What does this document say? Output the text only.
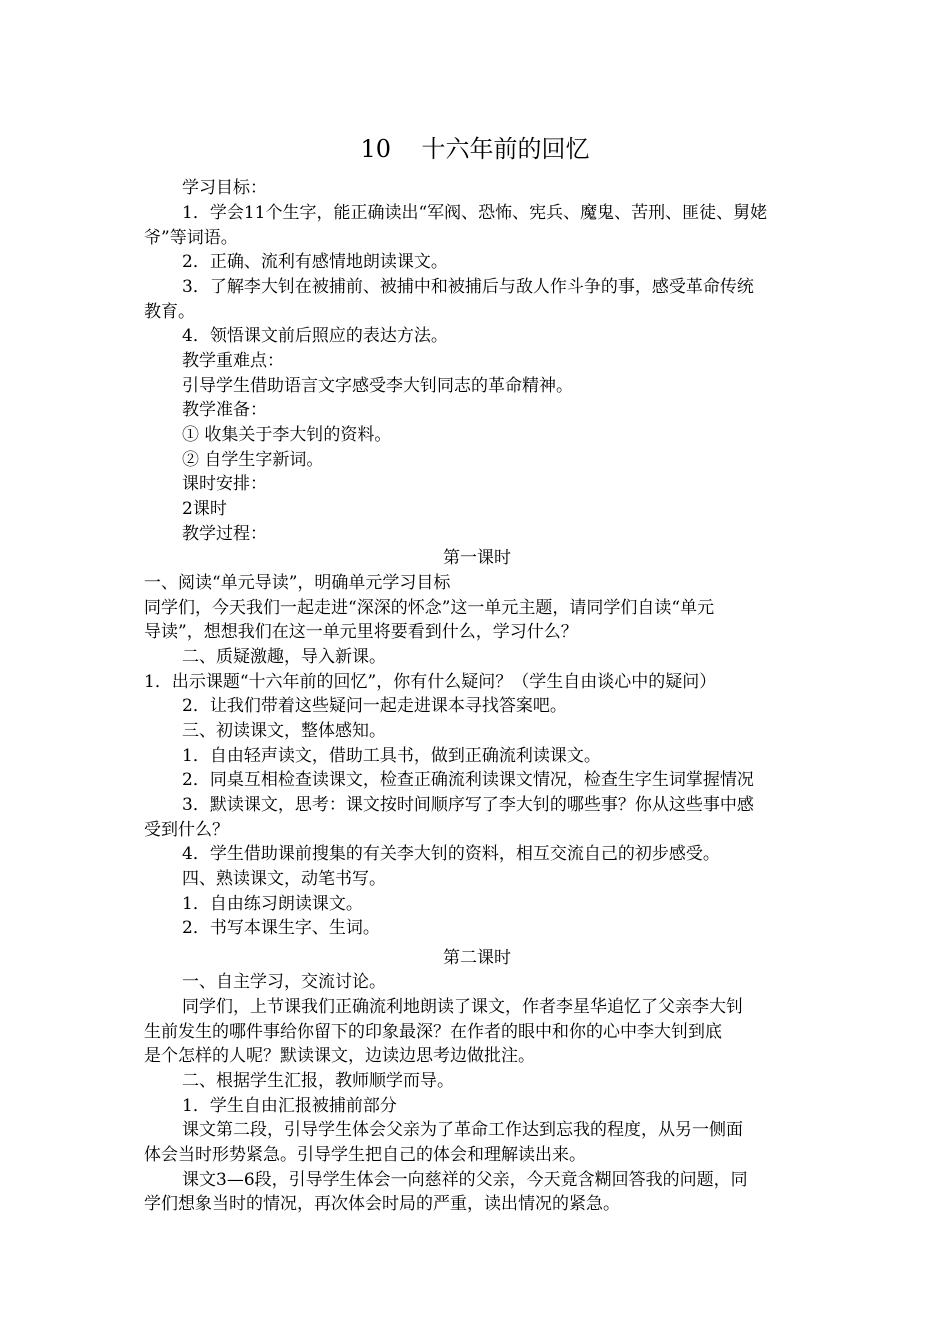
10    十六年前的回忆
学习目标：
1．学会11个生字，能正确读出“军阀、恐怖、宪兵、魔鬼、苦刑、匪徒、舅姥
爷”等词语。
2．正确、流利有感情地朗读课文。
3．了解李大钊在被捕前、被捕中和被捕后与敌人作斗争的事，感受革命传统
教育。
4．领悟课文前后照应的表达方法。
教学重难点：
引导学生借助语言文字感受李大钊同志的革命精神。
教学准备：
① 收集关于李大钊的资料。
② 自学生字新词。
课时安排：
2课时
教学过程：
第一课时
一、阅读“单元导读”，明确单元学习目标
同学们，今天我们一起走进“深深的怀念”这一单元主题，请同学们自读“单元
导读”，想想我们在这一单元里将要看到什么，学习什么？
二、质疑激趣，导入新课。
1．出示课题“十六年前的回忆”，你有什么疑问？（学生自由谈心中的疑问）
2．让我们带着这些疑问一起走进课本寻找答案吧。
三、初读课文，整体感知。
1．自由轻声读文，借助工具书，做到正确流利读课文。
2．同桌互相检查读课文，检查正确流利读课文情况，检查生字生词掌握情况
3．默读课文，思考：课文按时间顺序写了李大钊的哪些事？你从这些事中感
受到什么？
4．学生借助课前搜集的有关李大钊的资料，相互交流自己的初步感受。
四、熟读课文，动笔书写。
1．自由练习朗读课文。
2．书写本课生字、生词。
第二课时
一、自主学习，交流讨论。
同学们，上节课我们正确流利地朗读了课文，作者李星华追忆了父亲李大钊
生前发生的哪件事给你留下的印象最深？在作者的眼中和你的心中李大钊到底
是个怎样的人呢？默读课文，边读边思考边做批注。
二、根据学生汇报，教师顺学而导。
1．学生自由汇报被捕前部分
课文第二段，引导学生体会父亲为了革命工作达到忘我的程度，从另一侧面
体会当时形势紧急。引导学生把自己的体会和理解读出来。
课文3—6段，引导学生体会一向慈祥的父亲，今天竟含糊回答我的问题，同
学们想象当时的情况，再次体会时局的严重，读出情况的紧急。
